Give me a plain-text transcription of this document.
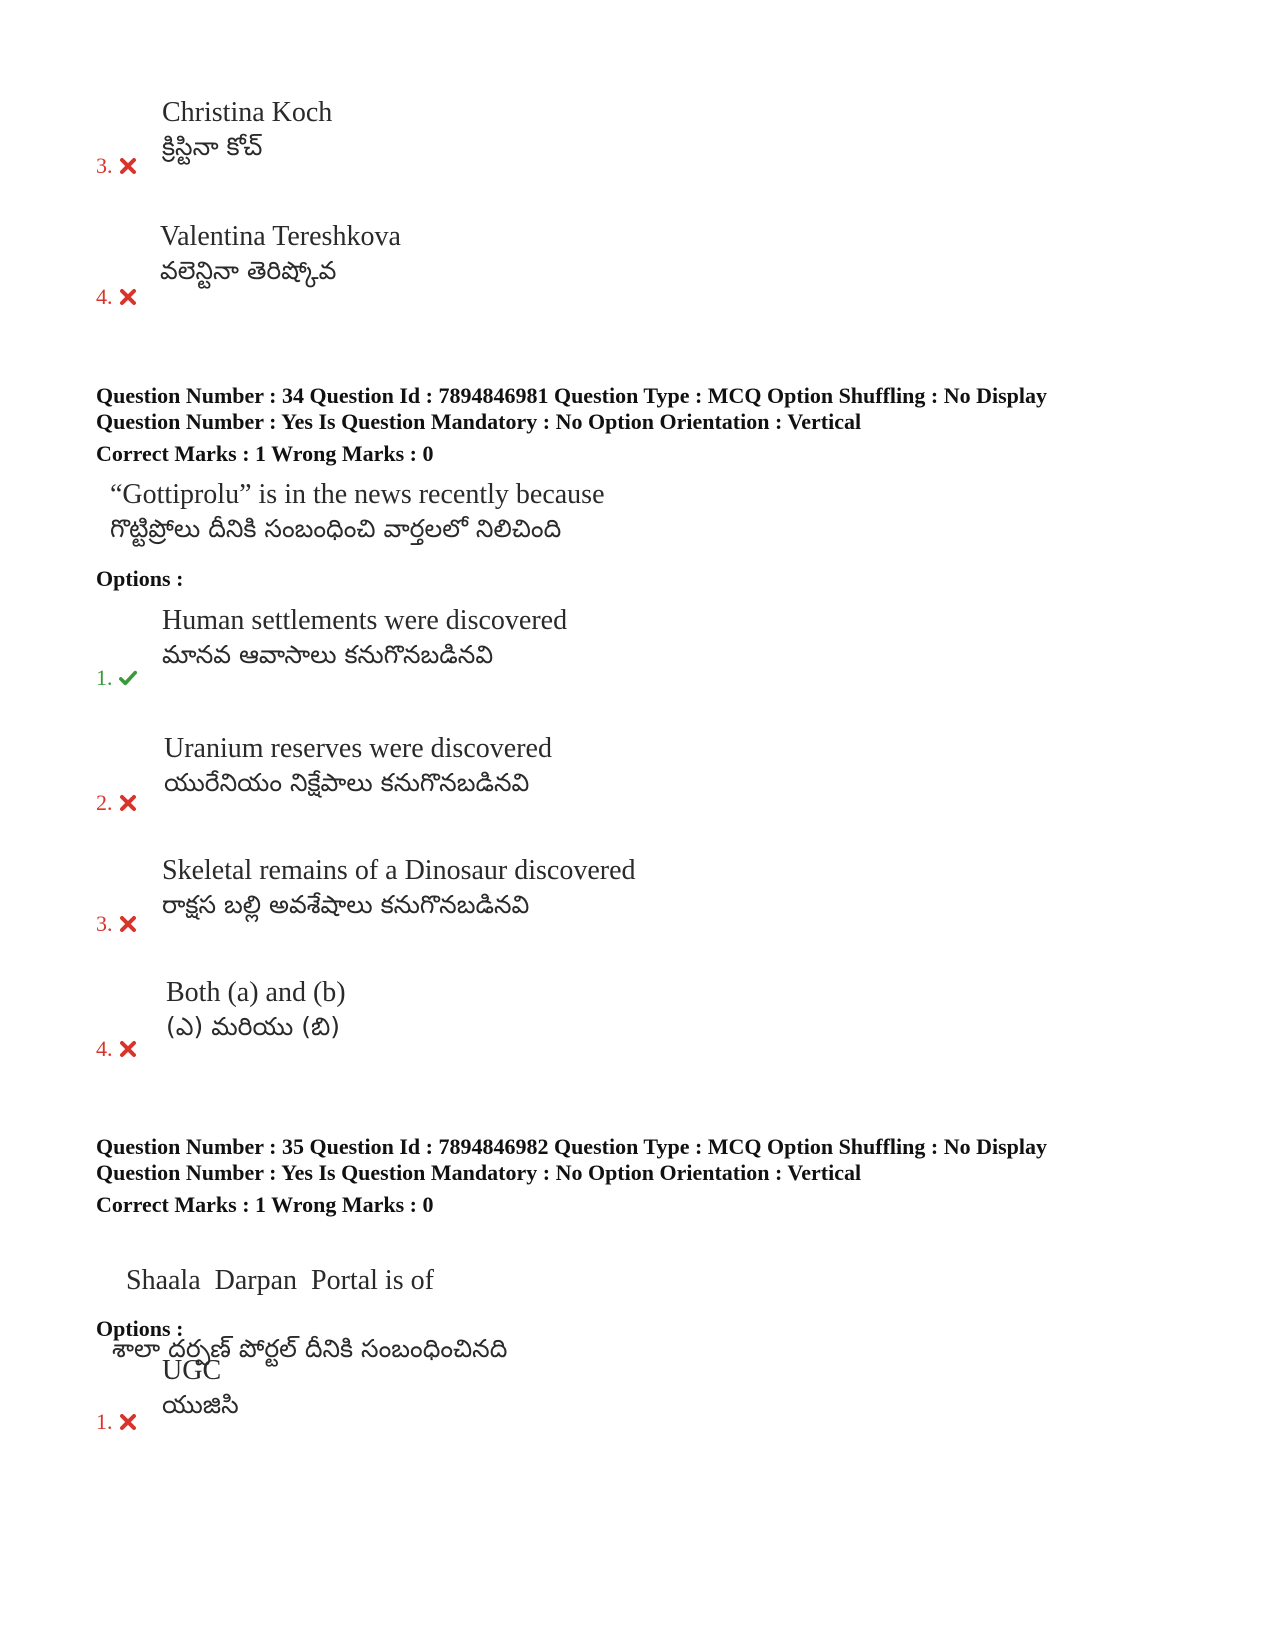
Christina Koch
క్రిస్టినా కోచ్
3.
Valentina Tereshkova
వలెన్టినా తెరిష్కోవ
4.
Question Number : 34 Question Id : 7894846981 Question Type : MCQ Option Shuffling : No Display
Question Number : Yes Is Question Mandatory : No Option Orientation : Vertical
Correct Marks : 1 Wrong Marks : 0
“Gottiprolu” is in the news recently because
గొట్టిప్రోలు దీనికి సంబంధించి వార్తలలో నిలిచింది
Options :
Human settlements were discovered
మానవ ఆవాసాలు కనుగొనబడినవి
1.
Uranium reserves were discovered
యురేనియం నిక్షేపాలు కనుగొనబడినవి
2.
Skeletal remains of a Dinosaur discovered
రాక్షస బల్లి అవశేషాలు కనుగొనబడినవి
3.
Both (a) and (b)
(ఎ) మరియు (బి)
4.
Question Number : 35 Question Id : 7894846982 Question Type : MCQ Option Shuffling : No Display
Question Number : Yes Is Question Mandatory : No Option Orientation : Vertical
Correct Marks : 1 Wrong Marks : 0

Shaala  Darpan  Portal is of

శాలా దర్పణ్ పోర్టల్ దీనికి సంబంధించినది

Options :
UGC
యుజిసి
1.
